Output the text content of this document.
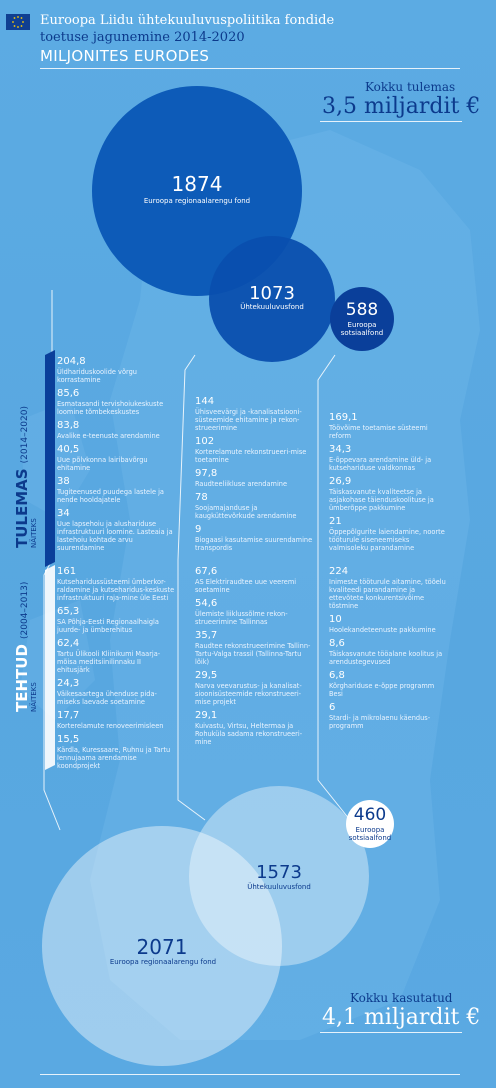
Euroopa Liidu ühtekuuluvuspoliitika fondide
toetuse jagunemine 2014-2020
MILJONITES EURODES
Kokku tulemas
3,5 miljardit €
1874
Euroopa regionaalarengu fond
1073
Ühtekuuluvusfond	588
Euroopa sotsiaalfond
TULEMAS (2014–2020)
NÄITEKS
TEHTUD (2004–2013)
NÄITEKS
204,8
Üldhariduskoolide võrgu korrastamine
85,6
Esmatasandi tervishoiukeskuste loomine tõmbekeskustes
83,8
Avalike e-teenuste arendamine
40,5
Uue põlvkonna lairibavõrgu ehitamine
38
Tugiteenused puudega lastele ja nende hooldajatele
34
Uue lapsehoiu ja alushariduse infrastruktuuri loomine. Lasteaia ja lastehoiu kohtade arvu suurendamine
144
Ühisveevärgi ja -kanalisatsiooni-süsteemide ehitamine ja rekon-strueerimine
102
Korterelamute rekonstrueeri-mise toetamine
97,8
Raudteeliikluse arendamine
78
Soojamajanduse ja kaugküttevõrkude arendamine
9
Biogaasi kasutamise suurendamine transpordis
169,1
Töövõime toetamise süsteemi reform
34,3
E-õppevara arendamine üld- ja kutsehariduse valdkonnas
26,9
Täiskasvanute kvaliteetse ja asjakohase täienduskoolituse ja ümberõppe pakkumine
21
Õppepõlgurite laiendamine, noorte tööturule siseneemiseks valmisoleku parandamine
161
Kutseharidussüsteemi ümberkor-raldamine ja kutseharidus-keskuste infrastruktuuri raja-mine üle Eesti
65,3
SA Põhja-Eesti Regionaalhaigla juurde- ja ümberehitus
62,4
Tartu Ülikooli Kliinikumi Maarja-mõisa meditsiinilinnaku II ehitusjärk
24,3
Väikesaartega ühenduse pida-miseks laevade soetamine
17,7
Korterelamute renoveerimisleen
15,5
Kärdla, Kuressaare, Ruhnu ja Tartu lennujaama arendamise koondprojekt
67,6
AS Elektriraudtee uue veeremi soetamine
54,6
Ülemiste liiklussõlme rekon-strueerimine Tallinnas
35,7
Raudtee rekonstrueerimine Tallinn-Tartu-Valga trassil (Tallinna-Tartu lõik)
29,5
Narva veevarustus- ja kanalisat-sioonisüsteemide rekonstrueeri-mise projekt
29,1
Kuivastu, Virtsu, Heltermaa ja Rohuküla sadama rekonstrueeri-mine
224
Inimeste tööturule aitamine, töõelu kvaliteedi parandamine ja ettevõtete konkurentsivõime tõstmine
10
Hoolekandeteenuste pakkumine
8,6
Täiskasvanute tööalane koolitus ja arendustegevused
6,8
Kõrghariduse e-õppe programm Besi
6
Stardi- ja mikrolaenu käendus-programm
2071
Euroopa regionaalarengu fond
1573
Ühtekuuluvusfond
460
Euroopa sotsiaalfond
Kokku kasutatud
4,1 miljardit €
